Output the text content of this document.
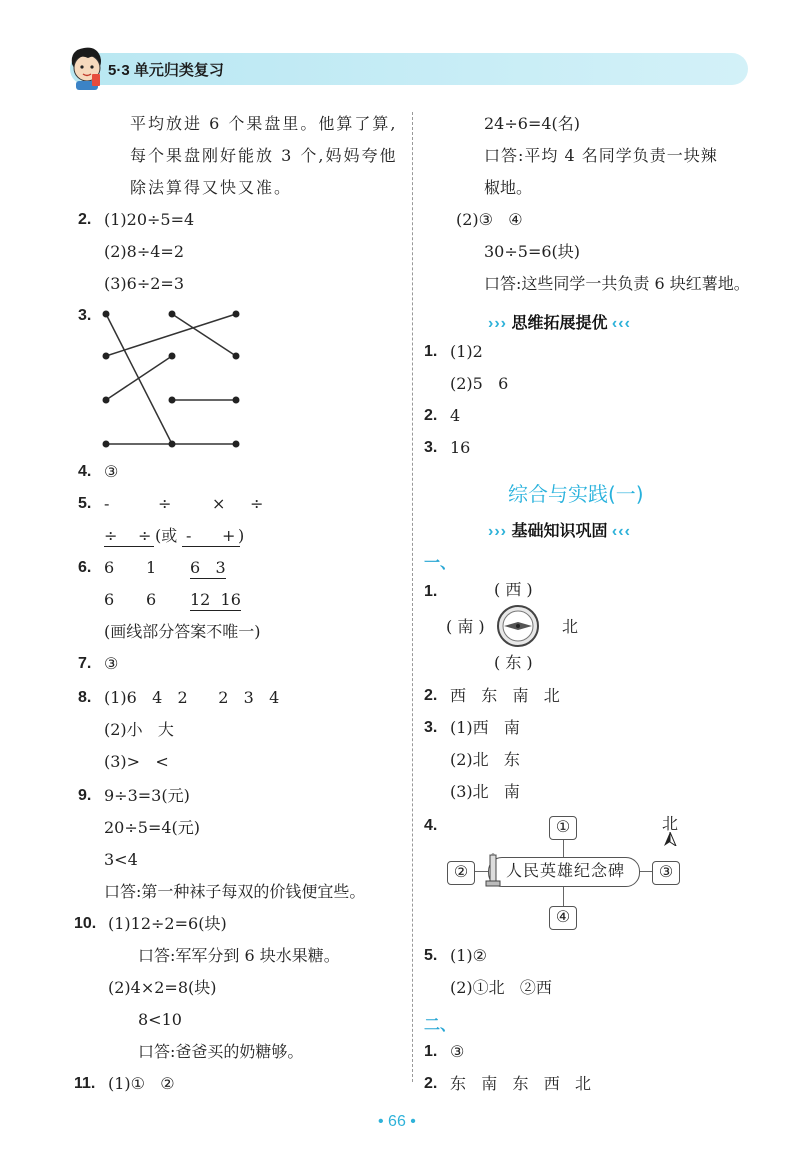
5·3 单元归类复习
平均放进 6 个果盘里。他算了算,
每个果盘刚好能放 3 个,妈妈夸他
除法算得又快又准。
2. (1)20÷5=4
(2)8÷4=2
(3)6÷2=3
3.
4. ③
5. -	÷	× ÷
÷ ÷ (或 - + )
6. 6 1 6   3
6 6 12  16
(画线部分答案不唯一)
7. ③
8. (1)6   4   2      2   3   4
(2)小   大
(3)>   <
9. 9÷3=3(元)
20÷5=4(元)
3<4
口答:第一种袜子每双的价钱便宜些。
10. (1)12÷2=6(块)
口答:军军分到 6 块水果糖。
(2)4×2=8(块)
8<10
口答:爸爸买的奶糖够。
11. (1)①   ②
24÷6=4(名)
口答:平均 4 名同学负责一块辣
椒地。
(2)③   ④
30÷5=6(块)
口答:这些同学一共负责 6 块红薯地。
››› 思维拓展提优 ‹‹‹
1. (1)2
(2)5   6
2. 4
3. 16
综合与实践(一)
››› 基础知识巩固 ‹‹‹
一、
1.	( 西 )
( 南 )	北
( 东 )
2. 西   东   南   北
3. (1)西   南
(2)北   东
(3)北   南
4.	①
④
②	③
人民英雄纪念碑
北
5. (1)②
(2)①北   ②西
二、
1. ③
2. 东   南   东   西   北
• 66 •
